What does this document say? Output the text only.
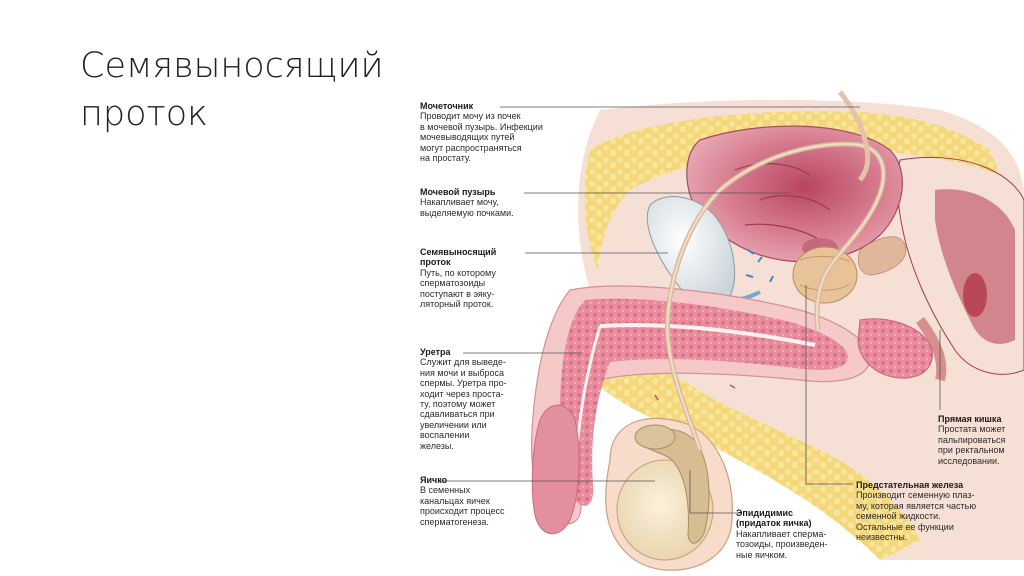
Семявыносящий
проток	Мочеточник
Проводит мочу из почек
в мочевой пузырь. Инфекции
мочевыводящих путей
могут распространяться
на простату.
Мочевой пузырь
Накапливает мочу,
выделяемую почками.
Семявыносящий
проток
Путь, по которому
сперматозоиды
поступают в эяку-
ляторный проток.
Уретра
Служит для выведе-
ния мочи и выброса
спермы. Уретра про-
ходит через проста-
ту, поэтому может
сдавливаться при
увеличении или
воспалении
железы.
Яичко
В семенных
канальцах яичек
происходит процесс
сперматогенеза.
Эпидидимис
(придаток яичка)
Накапливает сперма-
тозоиды, произведен-
ные яичком.
Предстательная железа
Производит семенную плаз-
му, которая является частью
семенной жидкости.
Остальные ее функции
неизвестны.
Прямая кишка
Простата может
пальпироваться
при ректальном
исследовании.
